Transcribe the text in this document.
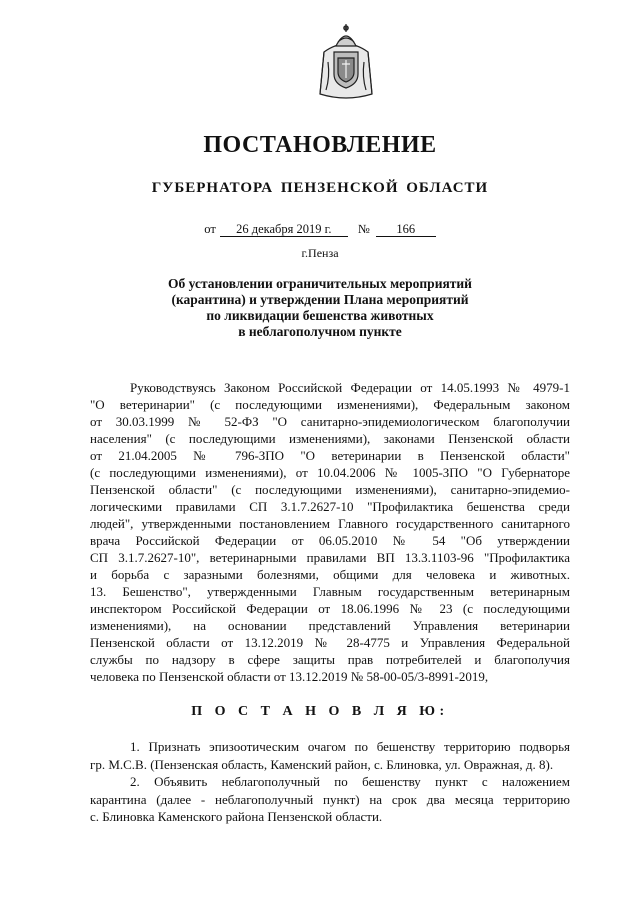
ПОСТАНОВЛЕНИЕ
ГУБЕРНАТОРА ПЕНЗЕНСКОЙ ОБЛАСТИ
от 26 декабря 2019 г. № 166
г.Пенза
Об установлении ограничительных мероприятий
(карантина) и утверждении Плана мероприятий
по ликвидации бешенства животных
в неблагополучном пункте
Руководствуясь Законом Российской Федерации от 14.05.1993 № 4979-1
"О ветеринарии" (с последующими изменениями), Федеральным законом
от 30.03.1999 № 52-ФЗ "О санитарно-эпидемиологическом благополучии
населения" (с последующими изменениями), законами Пензенской области
от 21.04.2005 № 796-ЗПО "О ветеринарии в Пензенской области"
(с последующими изменениями), от 10.04.2006 № 1005-ЗПО "О Губернаторе
Пензенской области" (с последующими изменениями), санитарно-эпидемио-
логическими правилами СП 3.1.7.2627-10 "Профилактика бешенства среди
людей", утвержденными постановлением Главного государственного санитарного
врача Российской Федерации от 06.05.2010 № 54 "Об утверждении
СП 3.1.7.2627-10", ветеринарными правилами ВП 13.3.1103-96 "Профилактика
и борьба с заразными болезнями, общими для человека и животных.
13. Бешенство", утвержденными Главным государственным ветеринарным
инспектором Российской Федерации от 18.06.1996 № 23 (с последующими
изменениями), на основании представлений Управления ветеринарии
Пензенской области от 13.12.2019 № 28-4775 и Управления Федеральной
службы по надзору в сфере защиты прав потребителей и благополучия
человека по Пензенской области от 13.12.2019 № 58-00-05/3-8991-2019,
П О С Т А Н О В Л Я Ю:
1. Признать эпизоотическим очагом по бешенству территорию подворья
гр. М.С.В. (Пензенская область, Каменский район, с. Блиновка, ул. Овражная, д. 8).
2. Объявить неблагополучный по бешенству пункт с наложением
карантина (далее - неблагополучный пункт) на срок два месяца территорию
с. Блиновка Каменского района Пензенской области.
